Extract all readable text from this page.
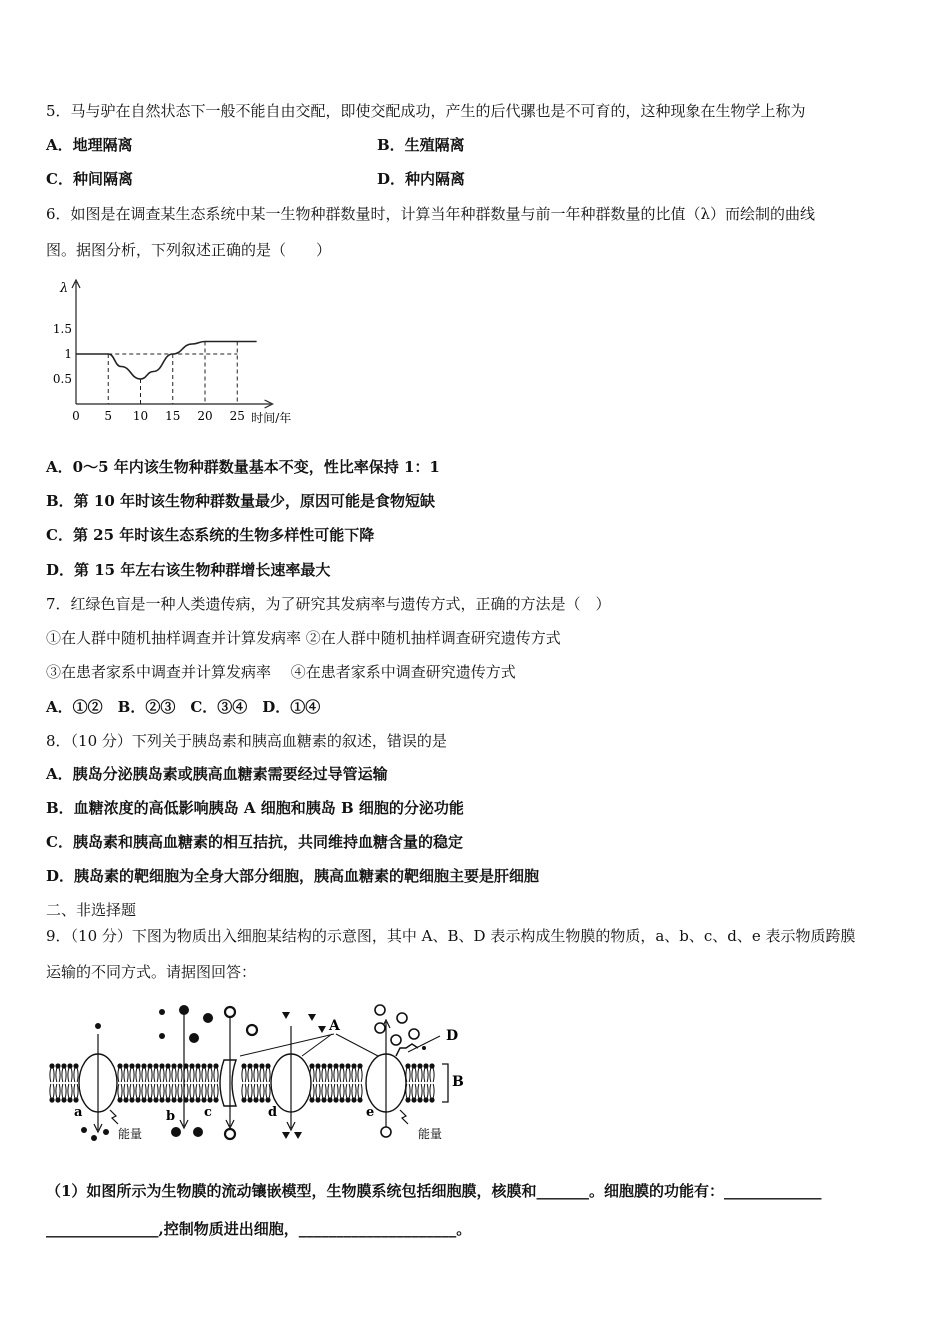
5．马与驴在自然状态下一般不能自由交配，即使交配成功，产生的后代骡也是不可育的，这种现象在生物学上称为
A．地理隔离	B．生殖隔离
C．种间隔离	D．种内隔离
6．如图是在调查某生态系统中某一生物种群数量时，计算当年种群数量与前一年种群数量的比值（λ）而绘制的曲线
图。据图分析，下列叙述正确的是（　　）
λ
0.5
1
1.5
0 5 10 15 20 25 时间/年
A．0～5 年内该生物种群数量基本不变，性比率保持 1：1
B．第 10 年时该生物种群数量最少，原因可能是食物短缺
C．第 25 年时该生态系统的生物多样性可能下降
D．第 15 年左右该生物种群增长速率最大
7．红绿色盲是一种人类遗传病，为了研究其发病率与遗传方式，正确的方法是（　）
①在人群中随机抽样调查并计算发病率 ②在人群中随机抽样调查研究遗传方式
③在患者家系中调查并计算发病率　 ④在患者家系中调查研究遗传方式
A．①②　B．②③　C．③④　D．①④
8．（10 分）下列关于胰岛素和胰高血糖素的叙述，错误的是
A．胰岛分泌胰岛素或胰高血糖素需要经过导管运输
B．血糖浓度的高低影响胰岛 A 细胞和胰岛 B 细胞的分泌功能
C．胰岛素和胰高血糖素的相互拮抗，共同维持血糖含量的稳定
D．胰岛素的靶细胞为全身大部分细胞，胰高血糖素的靶细胞主要是肝细胞
二、非选择题
9．（10 分）下图为物质出入细胞某结构的示意图，其中 A、B、D 表示构成生物膜的物质，a、b、c、d、e 表示物质跨膜
运输的不同方式。请据图回答：
B
A
D
a	b c	d	e
能量	能量
（1）如图所示为生物膜的流动镶嵌模型，生物膜系统包括细胞膜，核膜和_______。细胞膜的功能有：_____________
_______________,控制物质进出细胞，_____________________。
